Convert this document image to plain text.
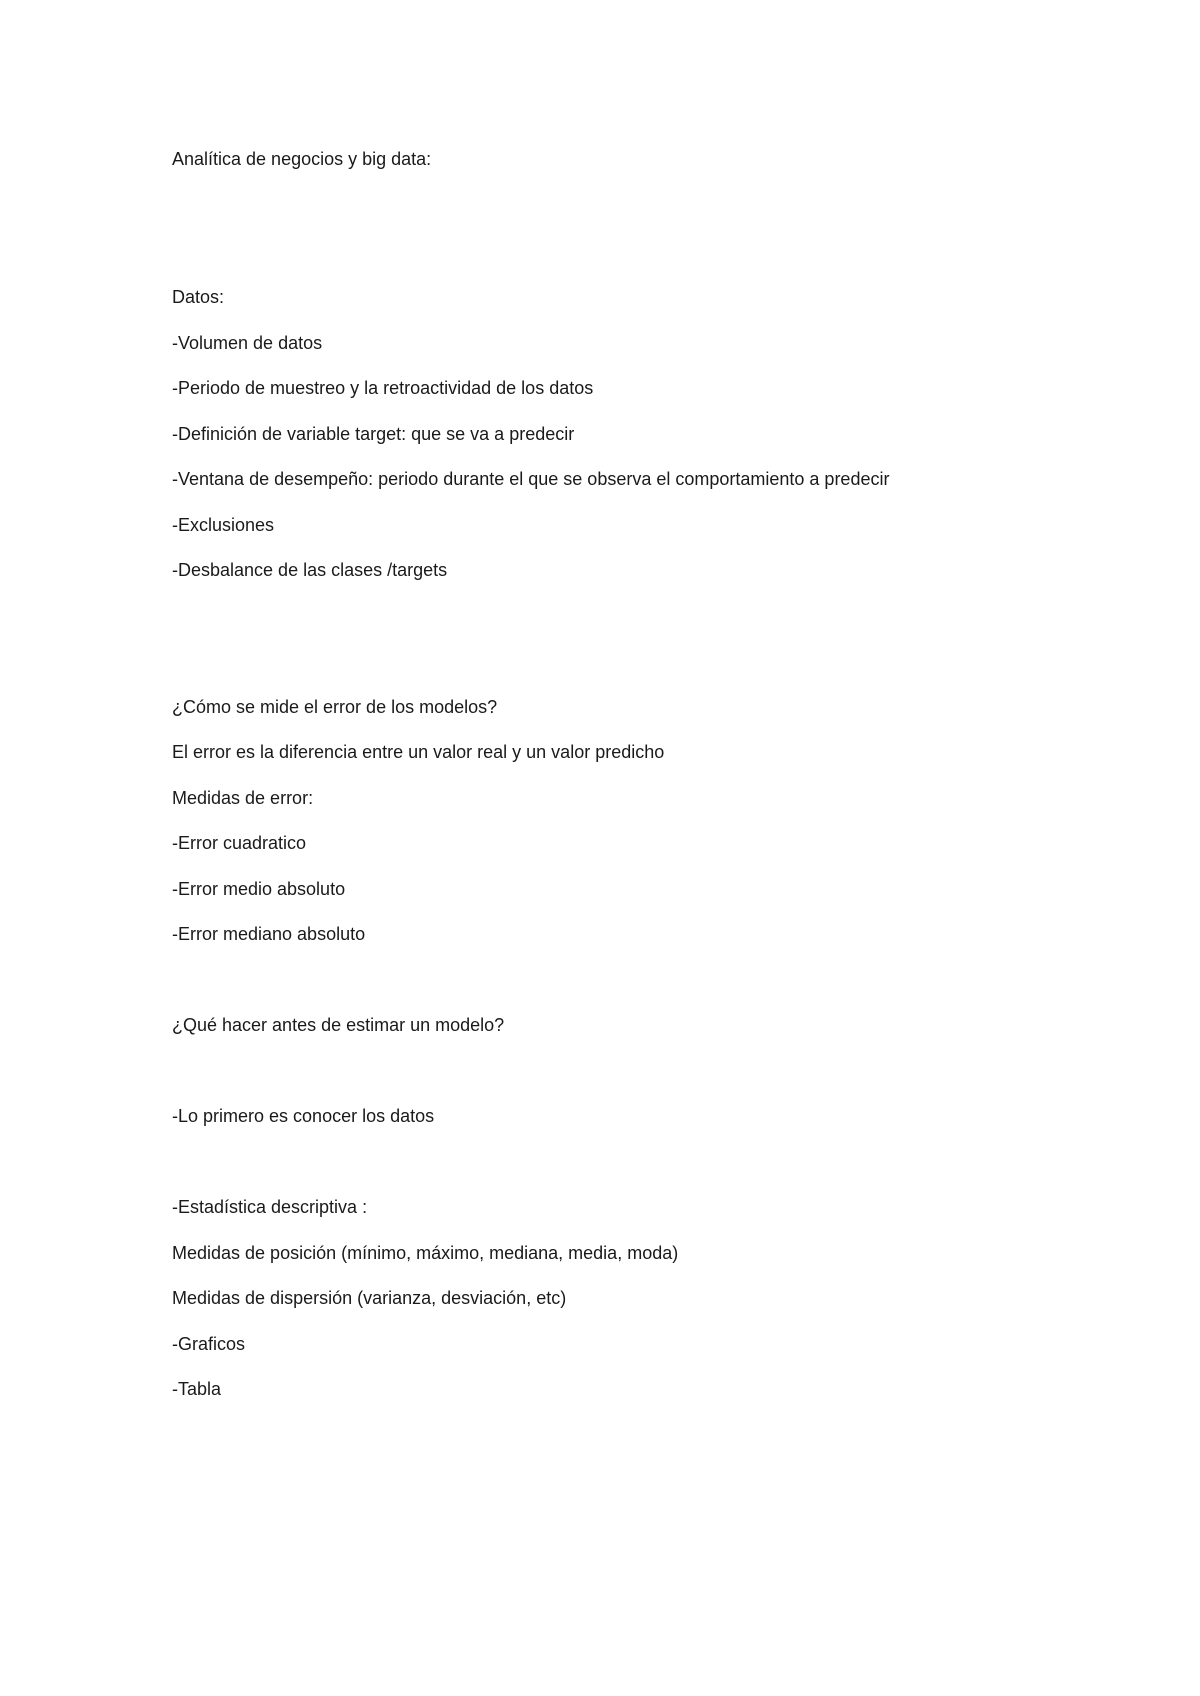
Analítica de negocios y big data:

Datos:

-Volumen de datos

-Periodo de muestreo y la retroactividad de los datos

-Definición de variable target: que se va a predecir

-Ventana de desempeño: periodo durante el que se observa el comportamiento a predecir

-Exclusiones

-Desbalance de las clases /targets

¿Cómo se mide el error de los modelos?

El error es la diferencia entre un valor real y un valor predicho

Medidas de error:

-Error cuadratico

-Error medio absoluto

-Error mediano absoluto

¿Qué hacer antes de estimar un modelo?

-Lo primero es conocer los datos

-Estadística descriptiva :

Medidas de posición (mínimo, máximo, mediana, media, moda)

Medidas de dispersión (varianza, desviación, etc)

-Graficos

-Tabla
